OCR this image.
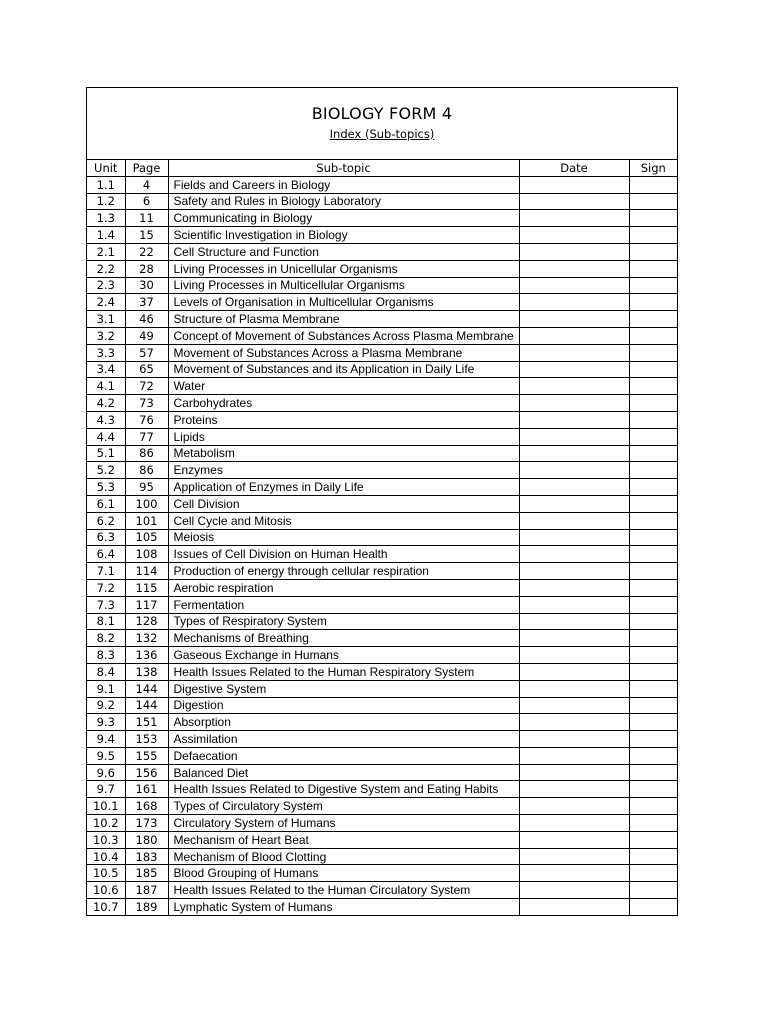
BIOLOGY FORM 4
Index (Sub-topics)
Unit	Page	Sub-topic	Date	Sign
1.1	4	Fields and Careers in Biology		
1.2	6	Safety and Rules in Biology Laboratory		
1.3	11	Communicating in Biology		
1.4	15	Scientific Investigation in Biology		
2.1	22	Cell Structure and Function		
2.2	28	Living Processes in Unicellular Organisms		
2.3	30	Living Processes in Multicellular Organisms		
2.4	37	Levels of Organisation in Multicellular Organisms		
3.1	46	Structure of Plasma Membrane		
3.2	49	Concept of Movement of Substances Across Plasma Membrane		
3.3	57	Movement of Substances Across a Plasma Membrane		
3.4	65	Movement of Substances and its Application in Daily Life		
4.1	72	Water		
4.2	73	Carbohydrates		
4.3	76	Proteins		
4.4	77	Lipids		
5.1	86	Metabolism		
5.2	86	Enzymes		
5.3	95	Application of Enzymes in Daily Life		
6.1	100	Cell Division		
6.2	101	Cell Cycle and Mitosis		
6.3	105	Meiosis		
6.4	108	Issues of Cell Division on Human Health		
7.1	114	Production of energy through cellular respiration		
7.2	115	Aerobic respiration		
7.3	117	Fermentation		
8.1	128	Types of Respiratory System		
8.2	132	Mechanisms of Breathing		
8.3	136	Gaseous Exchange in Humans		
8.4	138	Health Issues Related to the Human Respiratory System		
9.1	144	Digestive System		
9.2	144	Digestion		
9.3	151	Absorption		
9.4	153	Assimilation		
9.5	155	Defaecation		
9.6	156	Balanced Diet		
9.7	161	Health Issues Related to Digestive System and Eating Habits		
10.1	168	Types of Circulatory System		
10.2	173	Circulatory System of Humans		
10.3	180	Mechanism of Heart Beat		
10.4	183	Mechanism of Blood Clotting		
10.5	185	Blood Grouping of Humans		
10.6	187	Health Issues Related to the Human Circulatory System		
10.7	189	Lymphatic System of Humans		
